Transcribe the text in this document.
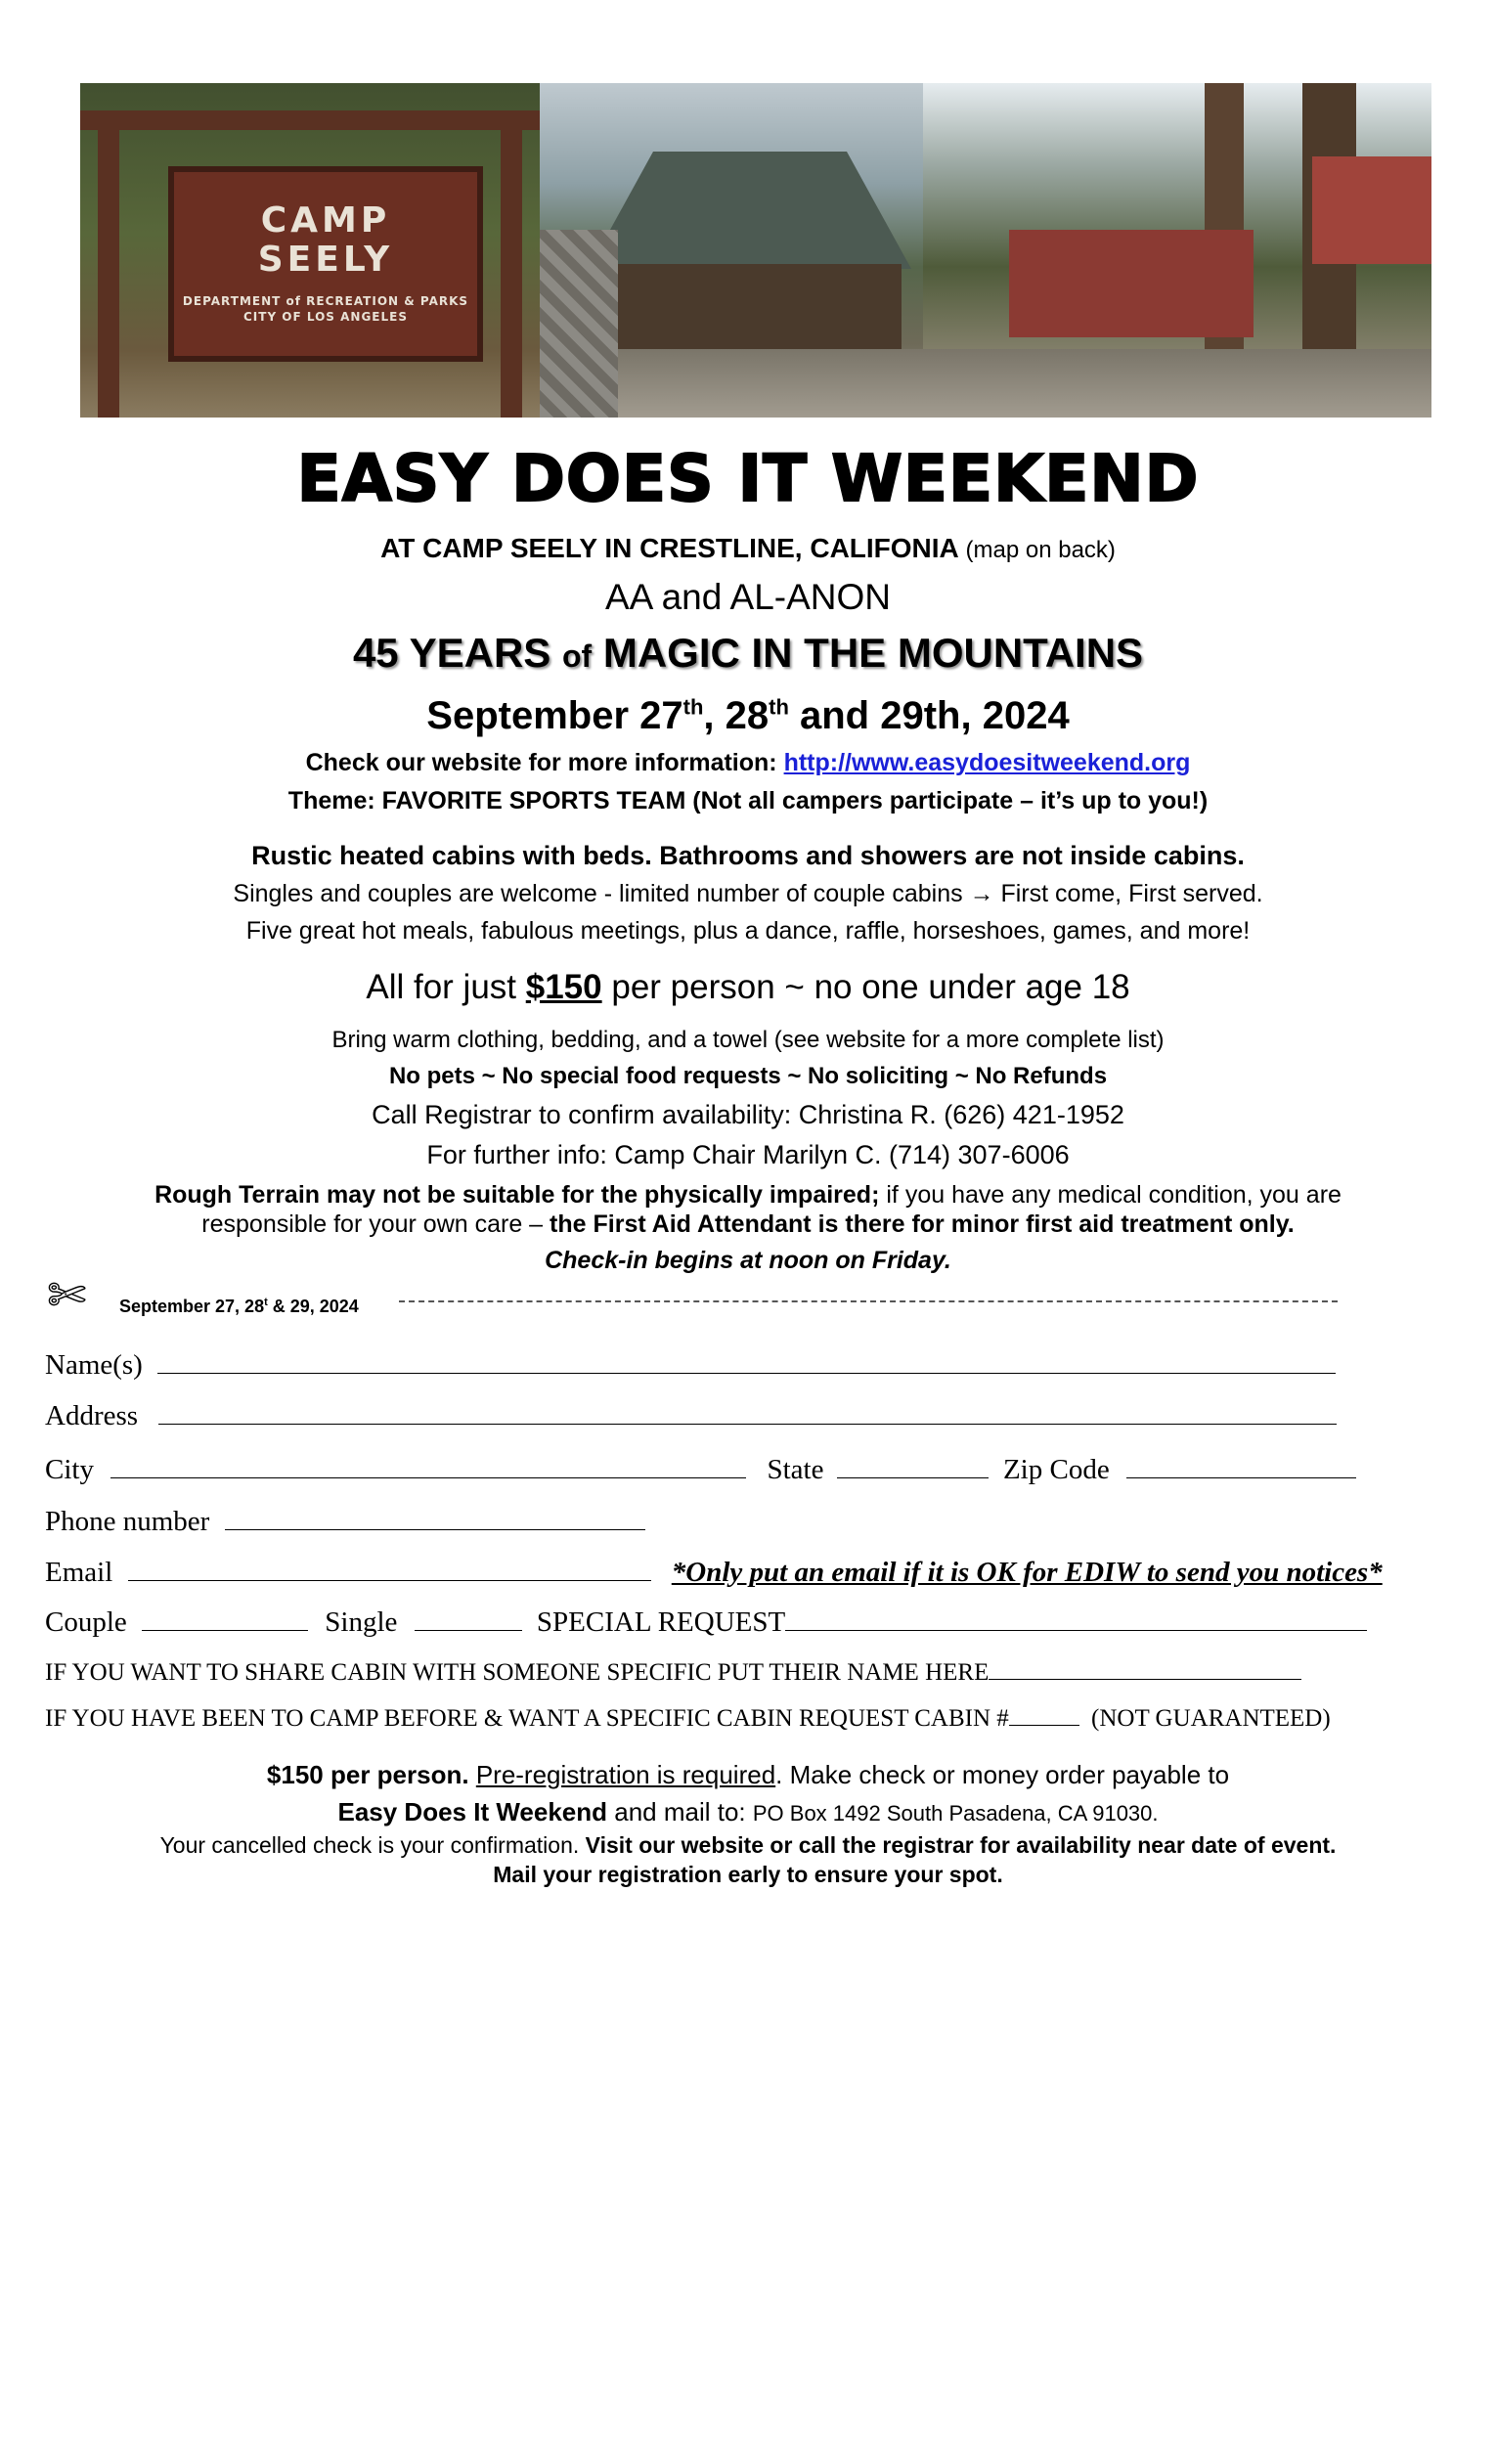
CAMP
SEELY
DEPARTMENT of RECREATION & PARKS
CITY OF LOS ANGELES
EASY DOES IT WEEKEND
AT CAMP SEELY IN CRESTLINE, CALIFONIA (map on back)
AA and AL-ANON
45 YEARS of MAGIC IN THE MOUNTAINS
September 27th, 28th and 29th, 2024
Check our website for more information: http://www.easydoesitweekend.org
Theme: FAVORITE SPORTS TEAM (Not all campers participate – it’s up to you!)
Rustic heated cabins with beds. Bathrooms and showers are not inside cabins.
Singles and couples are welcome - limited number of couple cabins → First come, First served.
Five great hot meals, fabulous meetings, plus a dance, raffle, horseshoes, games, and more!
All for just $150 per person ~ no one under age 18
Bring warm clothing, bedding, and a towel (see website for a more complete list)
No pets ~ No special food requests ~ No soliciting ~ No Refunds
Call Registrar to confirm availability: Christina R. (626) 421-1952
For further info: Camp Chair Marilyn C. (714) 307-6006
Rough Terrain may not be suitable for the physically impaired; if you have any medical condition, you are
responsible for your own care – the First Aid Attendant is there for minor first aid treatment only.
Check-in begins at noon on Friday.
✄ September 27, 28$^t$ & 29, 2024
Name(s)
Address
City	State	Zip Code
Phone number
Email	*Only put an email if it is OK for EDIW to send you notices*
Couple	Single	SPECIAL REQUEST
IF YOU WANT TO SHARE CABIN WITH SOMEONE SPECIFIC PUT THEIR NAME HERE
IF YOU HAVE BEEN TO CAMP BEFORE & WANT A SPECIFIC CABIN REQUEST CABIN #	(NOT GUARANTEED)
$150 per person. Pre-registration is required. Make check or money order payable to
Easy Does It Weekend and mail to: PO Box 1492 South Pasadena, CA 91030.
Your cancelled check is your confirmation. Visit our website or call the registrar for availability near date of event.
Mail your registration early to ensure your spot.
